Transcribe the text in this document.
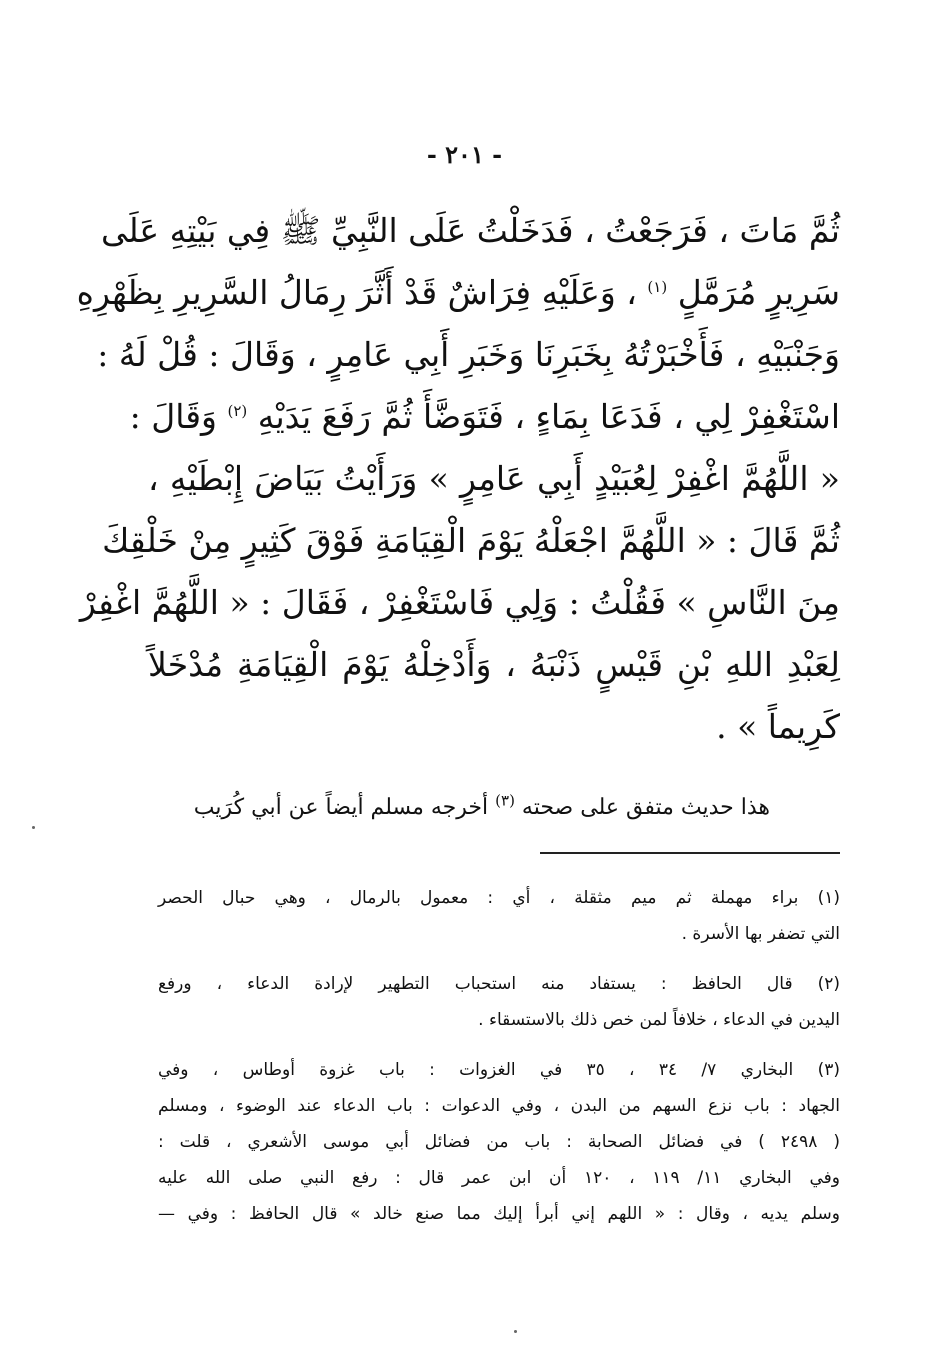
- ٢٠١ -
ثُمَّ مَاتَ ، فَرَجَعْتُ ، فَدَخَلْتُ عَلَى النَّبِيِّ ﷺ فِي بَيْتِهِ عَلَى
سَرِيرٍ مُرَمَّلٍ $^{(١)}$ ، وَعَلَيْهِ فِرَاشٌ قَدْ أَثَّرَ رِمَالُ السَّرِيرِ بِظَهْرِهِ
وَجَنْبَيْهِ ، فَأَخْبَرْتُهُ بِخَبَرِنَا وَخَبَرِ أَبِي عَامِرٍ ، وَقَالَ : قُلْ لَهُ :
اسْتَغْفِرْ لِي ، فَدَعَا بِمَاءٍ ، فَتَوَضَّأَ ثُمَّ رَفَعَ يَدَيْهِ $^{(٢)}$ وَقَالَ :
« اللَّهُمَّ اغْفِرْ لِعُبَيْدٍ أَبِي عَامِرٍ » وَرَأَيْتُ بَيَاضَ إِبْطَيْهِ ،
ثُمَّ قَالَ : « اللَّهُمَّ اجْعَلْهُ يَوْمَ الْقِيَامَةِ فَوْقَ كَثِيرٍ مِنْ خَلْقِكَ
مِنَ النَّاسِ » فَقُلْتُ : وَلِي فَاسْتَغْفِرْ ، فَقَالَ : « اللَّهُمَّ اغْفِرْ
لِعَبْدِ اللهِ بْنِ قَيْسٍ ذَنْبَهُ ، وَأَدْخِلْهُ يَوْمَ الْقِيَامَةِ مُدْخَلاً
كَرِيماً » .
هذا حديث متفق على صحته $^{(٣)}$ أخرجه مسلم أيضاً عن أبي كُرَيب
(١) براء مهملة ثم ميم مثقلة ، أي : معمول بالرمال ، وهي حبال الحصر
التي تضفر بها الأسرة .
(٢) قال الحافظ : يستفاد منه استحباب التطهير لإرادة الدعاء ، ورفع
اليدين في الدعاء ، خلافاً لمن خص ذلك بالاستسقاء .
(٣) البخاري ٧/ ٣٤ ، ٣٥ في الغزوات : باب غزوة أوطاس ، وفي
الجهاد : باب نزع السهم من البدن ، وفي الدعوات : باب الدعاء عند الوضوء ، ومسلم
( ٢٤٩٨ ) في فضائل الصحابة : باب من فضائل أبي موسى الأشعري ، قلت :
وفي البخاري ١١/ ١١٩ ، ١٢٠ أن ابن عمر قال : رفع النبي صلى الله عليه
وسلم يديه ، وقال : « اللهم إني أبرأ إليك مما صنع خالد » قال الحافظ : وفي —
